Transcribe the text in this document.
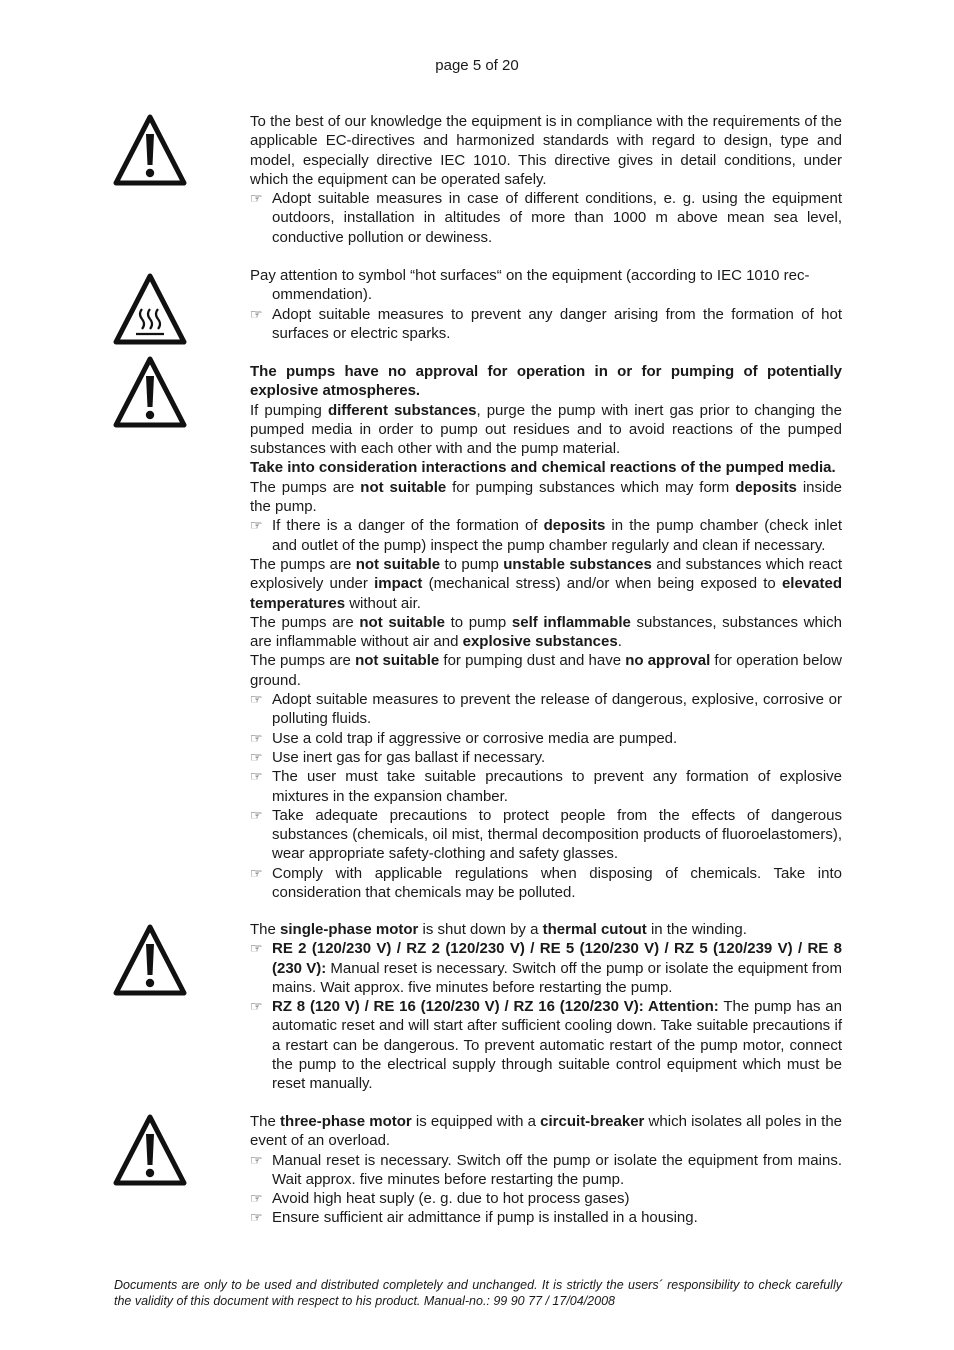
page 5 of 20

To the best of our knowledge the equipment is in compliance with the requirements of the applicable EC-directives and harmonized standards with regard to design, type and model, especially directive IEC 1010. This directive gives in detail conditions, under which the equipment can be operated safely.

☞ Adopt suitable measures in case of different conditions, e. g. using the equipment outdoors, installation in altitudes of more than 1000 m above mean sea level, conductive pollution or dewiness.

Pay attention to symbol “hot surfaces“ on the equipment (according to IEC 1010 rec-

ommendation).

☞ Adopt suitable measures to prevent any danger arising from the formation of hot surfaces or electric sparks.

The pumps have no approval for operation in or for pumping of potentially explosive atmospheres.

If pumping different substances, purge the pump with inert gas prior to changing the pumped media in order to pump out residues and to avoid reactions of the pumped substances with each other with and the pump material.

Take into consideration interactions and chemical reactions of the pumped media.

The pumps are not suitable for pumping substances which may form deposits inside the pump.

☞ If there is a danger of the formation of deposits in the pump chamber (check inlet and outlet of the pump) inspect the pump chamber regularly and clean if necessary.

The pumps are not suitable to pump unstable substances and substances which react explosively under impact (mechanical stress) and/or when being exposed to elevated temperatures without air.

The pumps are not suitable to pump self inflammable substances, substances which are inflammable without air and explosive substances.

The pumps are not suitable for pumping dust and have no approval for operation below ground.

☞ Adopt suitable measures to prevent the release of dangerous, explosive, corrosive or polluting fluids.
☞ Use a cold trap if aggressive or corrosive media are pumped.
☞ Use inert gas for gas ballast if necessary.
☞ The user must take suitable precautions to prevent any formation of explosive mixtures in the expansion chamber.
☞ Take adequate precautions to protect people from the effects of dangerous substances (chemicals, oil mist, thermal decomposition products of fluoroelastomers), wear appropriate safety-clothing and safety glasses.
☞ Comply with applicable regulations when disposing of chemicals. Take into consideration that chemicals may be polluted.

The single-phase motor is shut down by a thermal cutout in the winding.

☞ RE 2 (120/230 V) / RZ 2 (120/230 V) / RE 5 (120/230 V) / RZ 5 (120/239 V) / RE 8 (230 V): Manual reset is necessary. Switch off the pump or isolate the equipment from mains. Wait approx. five minutes before restarting the pump.
☞ RZ 8 (120 V) / RE 16 (120/230 V) / RZ 16 (120/230 V): Attention: The pump has an automatic reset and will start after sufficient cooling down. Take suitable precautions if a restart can be dangerous. To prevent automatic restart of the pump motor, connect the pump to the electrical supply through suitable control equipment which must be reset manually.

The three-phase motor is equipped with a circuit-breaker which isolates all poles in the event of an overload.

☞ Manual reset is necessary. Switch off the pump or isolate the equipment from mains. Wait approx. five minutes before restarting the pump.
☞ Avoid high heat suply (e. g. due to hot process gases)
☞ Ensure sufficient air admittance if pump is installed in a housing.
Documents are only to be used and distributed completely and unchanged. It is strictly the users´ responsibility to check carefully the validity of this document with respect to his product. Manual-no.: 99 90 77 / 17/04/2008
